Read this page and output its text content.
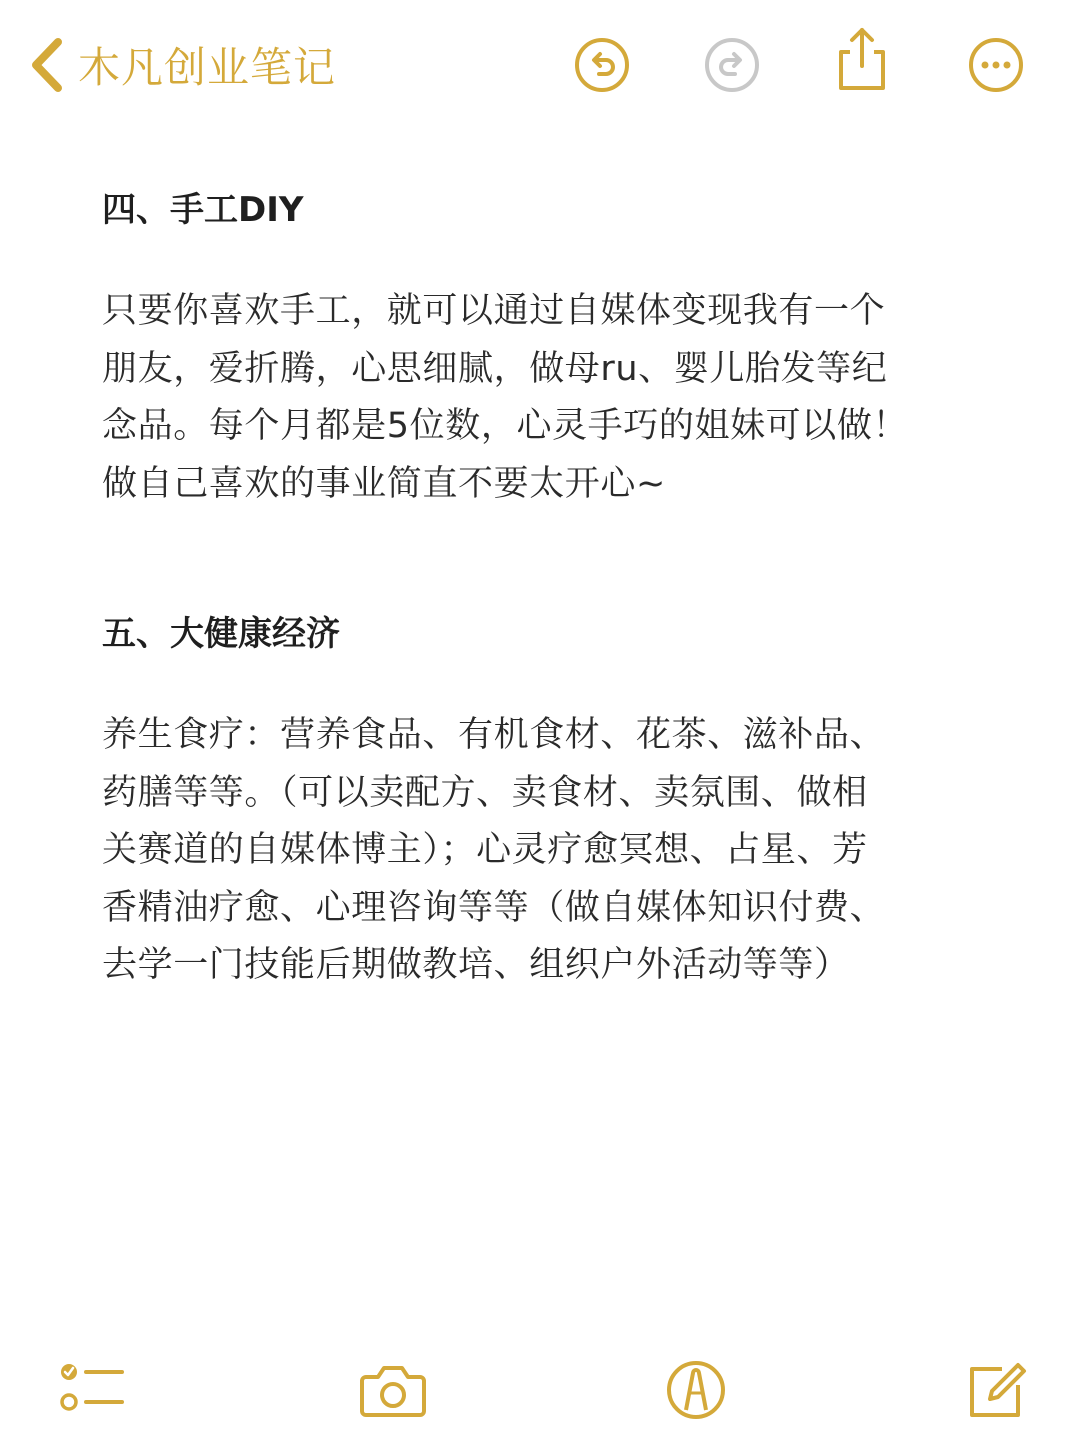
木凡创业笔记
四、手工DIY
只要你喜欢手工，就可以通过自媒体变现我有一个
朋友，爱折腾，心思细腻，做母ru、婴儿胎发等纪
念品。每个月都是5位数，心灵手巧的姐妹可以做！
做自己喜欢的事业简直不要太开心~
五、大健康经济
养生食疗：营养食品、有机食材、花茶、滋补品、
药膳等等。（可以卖配方、卖食材、卖氛围、做相
关赛道的自媒体博主）；心灵疗愈冥想、占星、芳
香精油疗愈、心理咨询等等（做自媒体知识付费、
去学一门技能后期做教培、组织户外活动等等）
